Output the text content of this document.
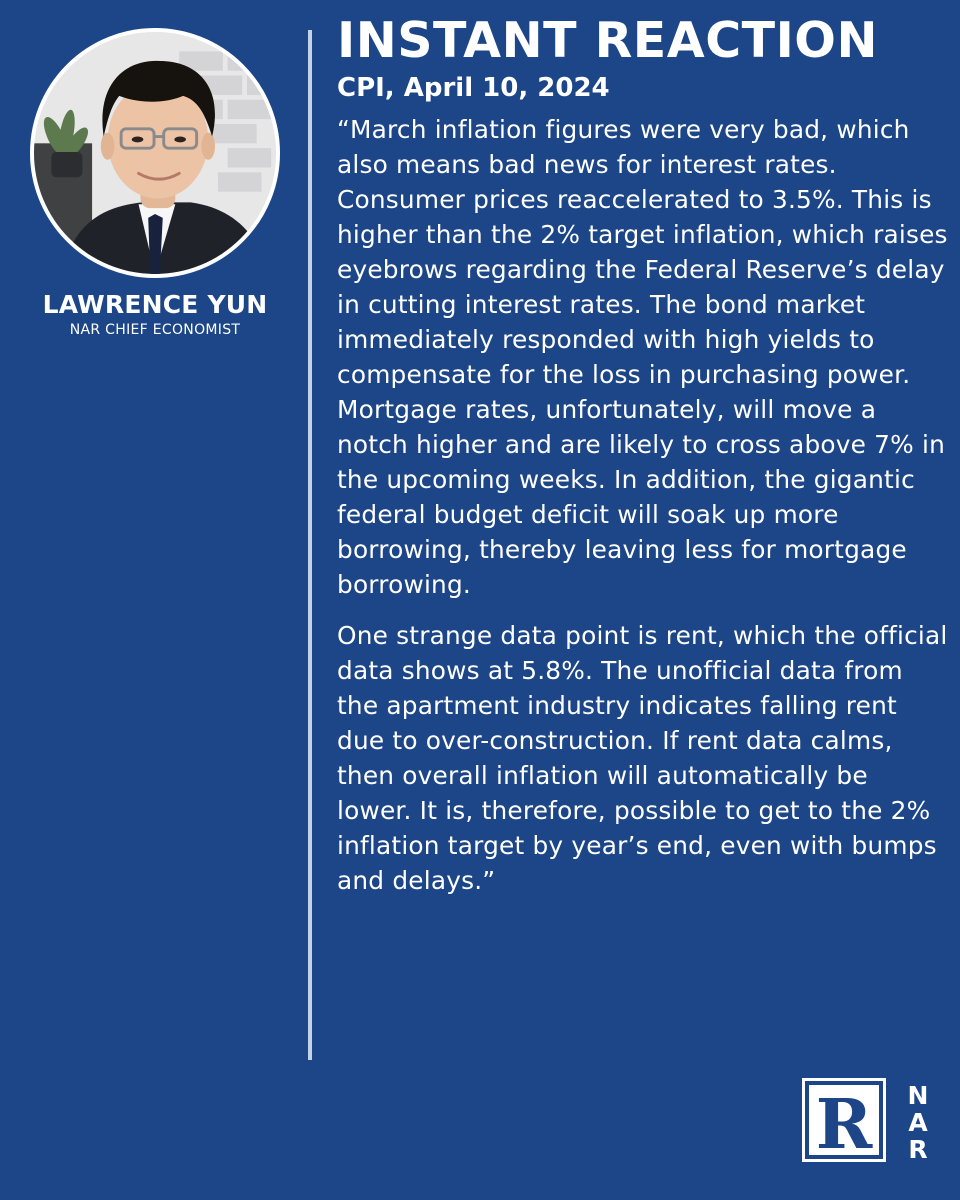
LAWRENCE YUN
NAR CHIEF ECONOMIST
INSTANT REACTION
CPI, April 10, 2024

“March inflation figures were very bad, which also means bad news for interest rates. Consumer prices reaccelerated to 3.5%. This is higher than the 2% target inflation, which raises eyebrows regarding the Federal Reserve’s delay in cutting interest rates. The bond market immediately responded with high yields to compensate for the loss in purchasing power. Mortgage rates, unfortunately, will move a notch higher and are likely to cross above 7% in the upcoming weeks. In addition, the gigantic federal budget deficit will soak up more borrowing, thereby leaving less for mortgage borrowing.

One strange data point is rent, which the official data shows at 5.8%. The unofficial data from the apartment industry indicates falling rent due to over-construction. If rent data calms, then overall inflation will automatically be lower. It is, therefore, possible to get to the 2% inflation target by year’s end, even with bumps and delays.”

R N
A
R
